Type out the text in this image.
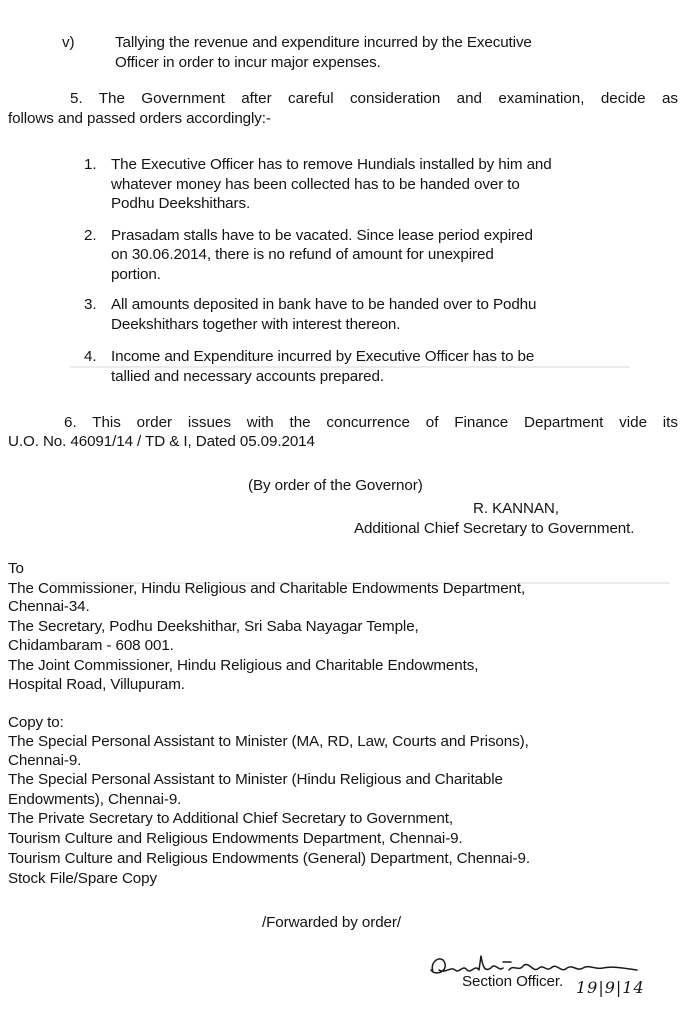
v)	Tallying the revenue and expenditure incurred by the Executive
Officer in order to incur major expenses.
5. The Government after careful consideration and examination, decide as
follows and passed orders accordingly:-
1. The Executive Officer has to remove Hundials installed by him and
whatever money has been collected has to be handed over to
Podhu Deekshithars.
2. Prasadam stalls have to be vacated. Since lease period expired
on 30.06.2014, there is no refund of amount for unexpired
portion.
3. All amounts deposited in bank have to be handed over to Podhu
Deekshithars together with interest thereon.
4. Income and Expenditure incurred by Executive Officer has to be
tallied and necessary accounts prepared.
6. This order issues with the concurrence of Finance Department vide its
U.O. No. 46091/14 / TD & I, Dated 05.09.2014
(By order of the Governor)
R. KANNAN,
Additional Chief Secretary to Government.
To
The Commissioner, Hindu Religious and Charitable Endowments Department,
Chennai-34.
The Secretary, Podhu Deekshithar, Sri Saba Nayagar Temple,
Chidambaram - 608 001.
The Joint Commissioner, Hindu Religious and Charitable Endowments,
Hospital Road, Villupuram.
Copy to:
The Special Personal Assistant to Minister (MA, RD, Law, Courts and Prisons),
Chennai-9.
The Special Personal Assistant to Minister (Hindu Religious and Charitable
Endowments), Chennai-9.
The Private Secretary to Additional Chief Secretary to Government,
Tourism Culture and Religious Endowments Department, Chennai-9.
Tourism Culture and Religious Endowments (General) Department, Chennai-9.
Stock File/Spare Copy
/Forwarded by order/
Section Officer. 19|9|14
